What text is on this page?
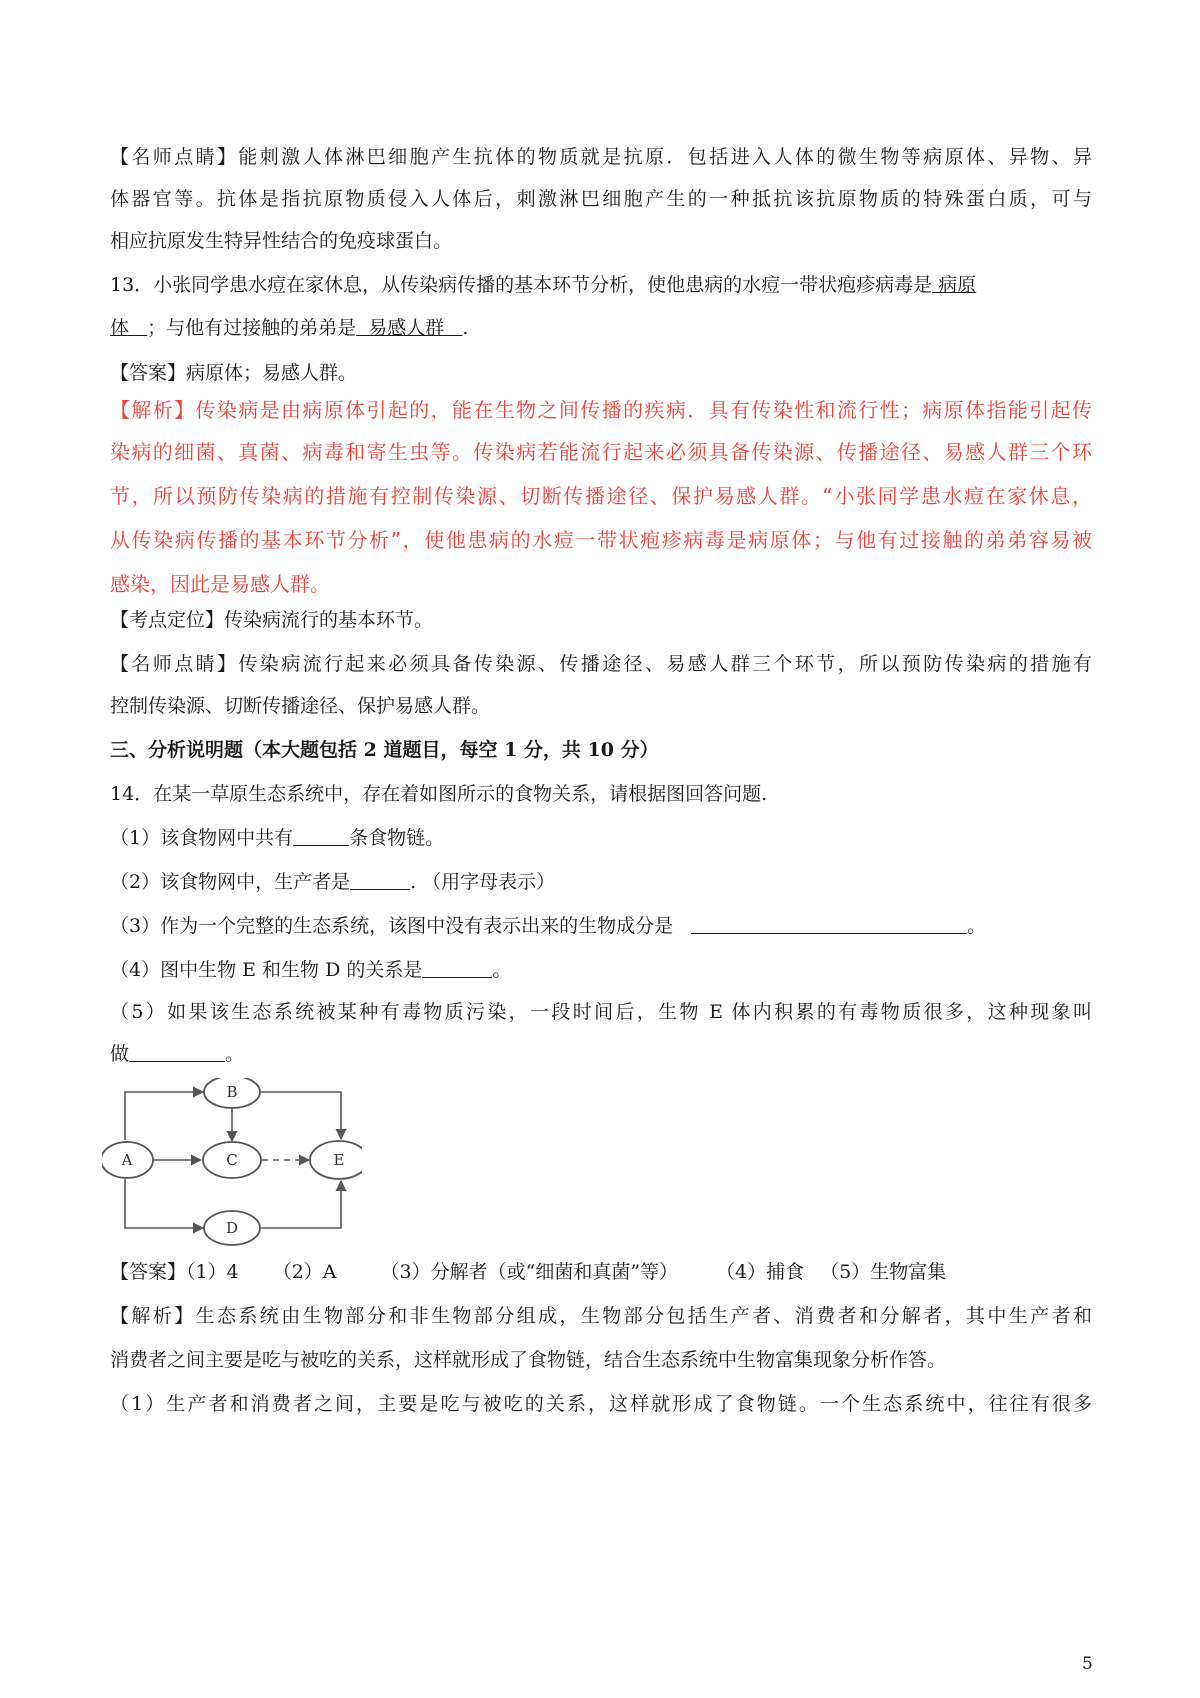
【名师点睛】能刺激人体淋巴细胞产生抗体的物质就是抗原．包括进入人体的微生物等病原体、异物、异
体器官等。抗体是指抗原物质侵入人体后，刺激淋巴细胞产生的一种抵抗该抗原物质的特殊蛋白质，可与
相应抗原发生特异性结合的免疫球蛋白。
13．小张同学患水痘在家休息，从传染病传播的基本环节分析，使他患病的水痘一带状疱疹病毒是 病原
体   ；与他有过接触的弟弟是  易感人群   .
【答案】病原体；易感人群。
【解析】传染病是由病原体引起的，能在生物之间传播的疾病．具有传染性和流行性；病原体指能引起传
染病的细菌、真菌、病毒和寄生虫等。传染病若能流行起来必须具备传染源、传播途径、易感人群三个环
节，所以预防传染病的措施有控制传染源、切断传播途径、保护易感人群。“小张同学患水痘在家休息，
从传染病传播的基本环节分析”，使他患病的水痘一带状疱疹病毒是病原体；与他有过接触的弟弟容易被
感染，因此是易感人群。
【考点定位】传染病流行的基本环节。
【名师点睛】传染病流行起来必须具备传染源、传播途径、易感人群三个环节，所以预防传染病的措施有
控制传染源、切断传播途径、保护易感人群。
三、分析说明题（本大题包括 2 道题目，每空 1 分，共 10 分）
14．在某一草原生态系统中，存在着如图所示的食物关系，请根据图回答问题.
（1）该食物网中共有	条食物链。
（2）该食物网中，生产者是	. （用字母表示）
（3）作为一个完整的生态系统，该图中没有表示出来的生物成分是	。
（4）图中生物 E 和生物 D 的关系是	。
（5）如果该生态系统被某种有毒物质污染，一段时间后，生物 E 体内积累的有毒物质很多，这种现象叫
做	。
A
B
C	E
D
【答案】（1）4 （2）A （3）分解者（或“细菌和真菌”等） （4）捕食 （5）生物富集
【解析】生态系统由生物部分和非生物部分组成，生物部分包括生产者、消费者和分解者，其中生产者和
消费者之间主要是吃与被吃的关系，这样就形成了食物链，结合生态系统中生物富集现象分析作答。
（1）生产者和消费者之间，主要是吃与被吃的关系，这样就形成了食物链。一个生态系统中，往往有很多
5
